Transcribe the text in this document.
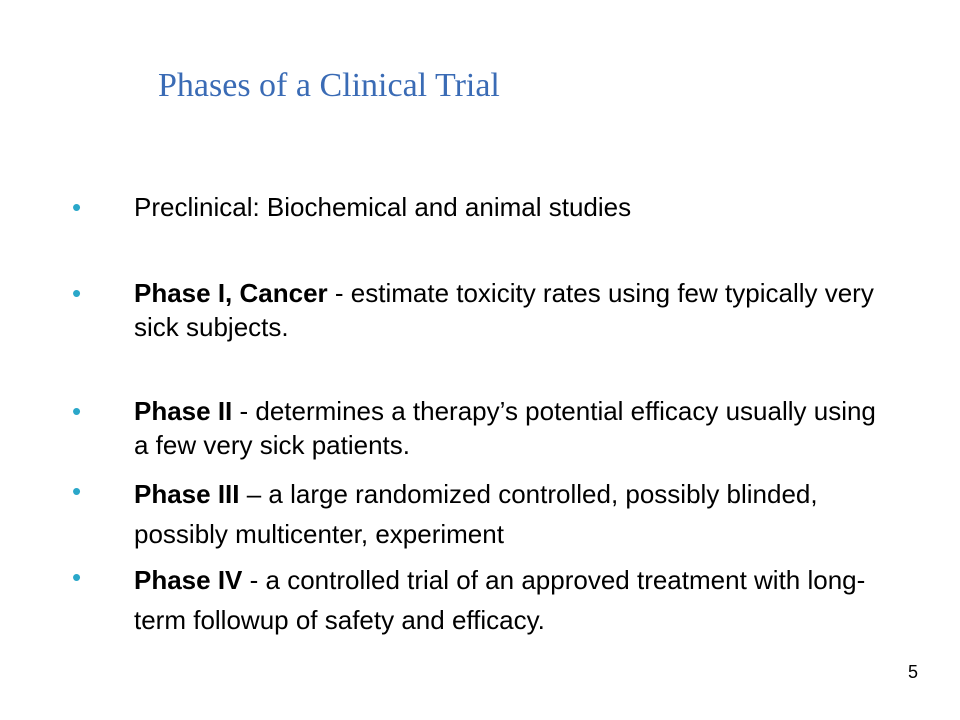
Phases of a Clinical Trial
• Preclinical: Biochemical and animal studies
• Phase I, Cancer - estimate toxicity rates using few typically very sick subjects.
• Phase II - determines a therapy’s potential efficacy usually using a few very sick patients.
• Phase III – a large randomized controlled, possibly blinded, possibly multicenter, experiment
• Phase IV - a controlled trial of an approved treatment with long-term followup of safety and efficacy.
5
